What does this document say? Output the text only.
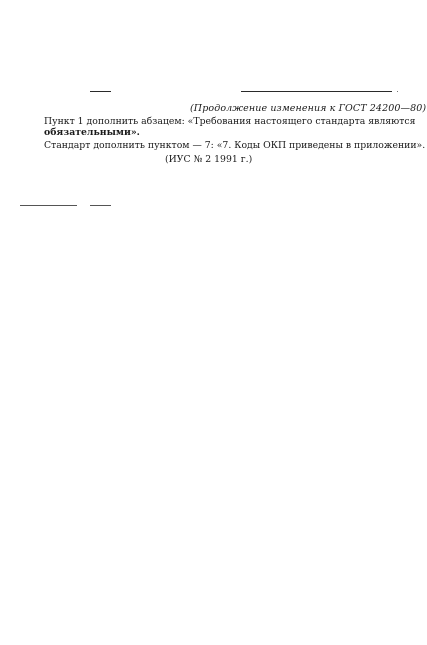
(Продолжение изменения к ГОСТ 24200—80)
Пункт 1 дополнить абзацем: «Требования настоящего стандарта являются
обязательными».
Стандарт дополнить пунктом — 7: «7. Коды ОКП приведены в приложении».
(ИУС № 2 1991 г.)
